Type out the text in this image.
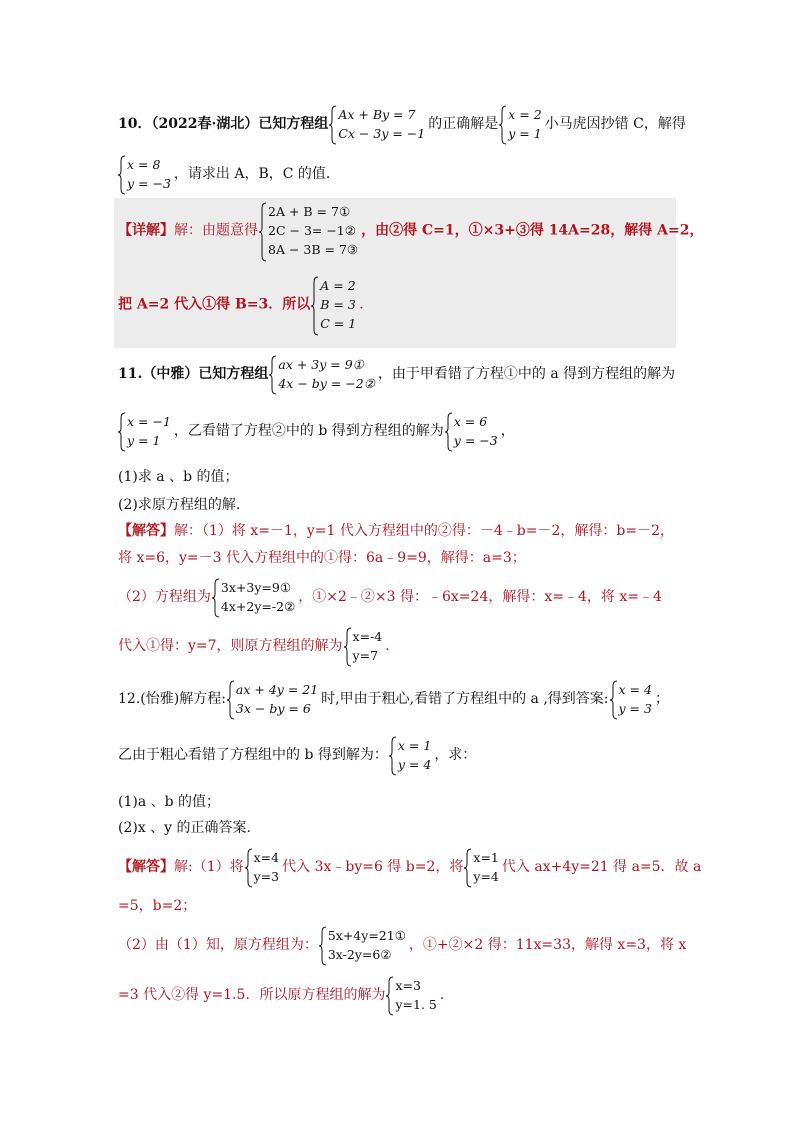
10．（2022春·湖北）已知方程组
Ax + By = 7
Cx − 3y = −1
的正确解是
x = 2
y = 1
小马虎因抄错 C，解得
x = 8
y = −3
，请求出 A，B，C 的值．
【详解】解：由题意得
2A + B = 7①
2C − 3= −1②
8A − 3B = 7③
，由②得 C=1，①×3+③得 14A=28，解得 A=2，
把 A=2 代入①得 B=3．所以
A = 2
B = 3
C = 1
．
11.（中雅）已知方程组
ax + 3y = 9①
4x − by = −2②
，由于甲看错了方程①中的 a 得到方程组的解为
x = −1
y = 1
，乙看错了方程②中的 b 得到方程组的解为
x = 6
y = −3
，
(1)求 a 、b 的值；
(2)求原方程组的解.
【解答】解：（1）将 x=－1，y=1 代入方程组中的②得：－4﹣b=－2，解得：b=－2，
将 x=6，y=－3 代入方程组中的①得：6a﹣9=9，解得：a=3；
（2）方程组为
3x+3y=9①
4x+2y=-2②
，①×2﹣②×3 得：﹣6x=24，解得：x=﹣4，将 x=﹣4
代入①得：y=7，则原方程组的解为
x=-4
y=7
．
12.(怡雅)解方程:
ax + 4y = 21
3x − by = 6
时,甲由于粗心,看错了方程组中的 a ,得到答案:
x = 4
y = 3
；
乙由于粗心看错了方程组中的 b 得到解为：
x = 1
y = 4
，求：
(1)a 、b 的值；
(2)x 、y 的正确答案.
【解答】解:（1）将
x=4
y=3
代入 3x﹣by=6 得 b=2，将
x=1
y=4
代入 ax+4y=21 得 a=5．故 a
=5，b=2；
（2）由（1）知，原方程组为：
5x+4y=21①
3x-2y=6②
，①+②×2 得：11x=33，解得 x=3，将 x
=3 代入②得 y=1.5．所以原方程组的解为
x=3
y=1. 5
．
